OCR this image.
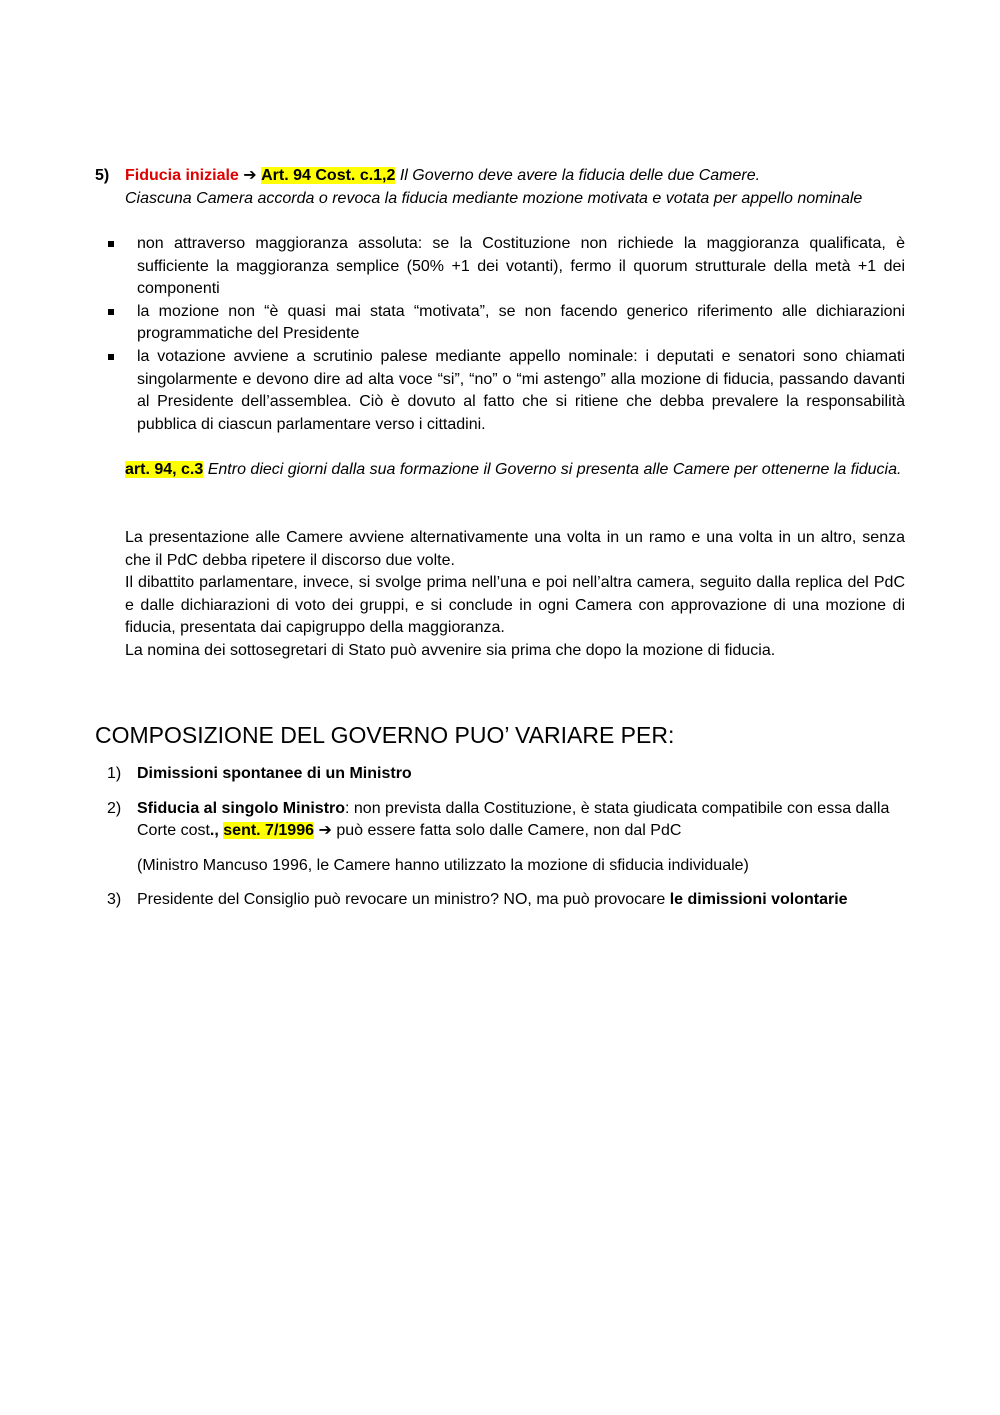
5) Fiducia iniziale ➔ Art. 94 Cost. c.1,2 Il Governo deve avere la fiducia delle due Camere.
Ciascuna Camera accorda o revoca la fiducia mediante mozione motivata e votata per appello nominale
non attraverso maggioranza assoluta: se la Costituzione non richiede la maggioranza qualificata, è sufficiente la maggioranza semplice (50% +1 dei votanti), fermo il quorum strutturale della metà +1 dei componenti
la mozione non “è quasi mai stata “motivata”, se non facendo generico riferimento alle dichiarazioni programmatiche del Presidente
la votazione avviene a scrutinio palese mediante appello nominale: i deputati e senatori sono chiamati singolarmente e devono dire ad alta voce “si”, “no” o “mi astengo” alla mozione di fiducia, passando davanti al Presidente dell’assemblea. Ciò è dovuto al fatto che si ritiene che debba prevalere la responsabilità pubblica di ciascun parlamentare verso i cittadini.
art. 94, c.3 Entro dieci giorni dalla sua formazione il Governo si presenta alle Camere per ottenerne la fiducia.

La presentazione alle Camere avviene alternativamente una volta in un ramo e una volta in un altro, senza che il PdC debba ripetere il discorso due volte.

Il dibattito parlamentare, invece, si svolge prima nell’una e poi nell’altra camera, seguito dalla replica del PdC e dalle dichiarazioni di voto dei gruppi, e si conclude in ogni Camera con approvazione di una mozione di fiducia, presentata dai capigruppo della maggioranza.

La nomina dei sottosegretari di Stato può avvenire sia prima che dopo la mozione di fiducia.

COMPOSIZIONE DEL GOVERNO PUO’ VARIARE PER:
1) Dimissioni spontanee di un Ministro
2) Sfiducia al singolo Ministro: non prevista dalla Costituzione, è stata giudicata compatibile con essa dalla Corte cost., sent. 7/1996 ➔ può essere fatta solo dalle Camere, non dal PdC
(Ministro Mancuso 1996, le Camere hanno utilizzato la mozione di sfiducia individuale)
3) Presidente del Consiglio può revocare un ministro? NO, ma può provocare le dimissioni volontarie
